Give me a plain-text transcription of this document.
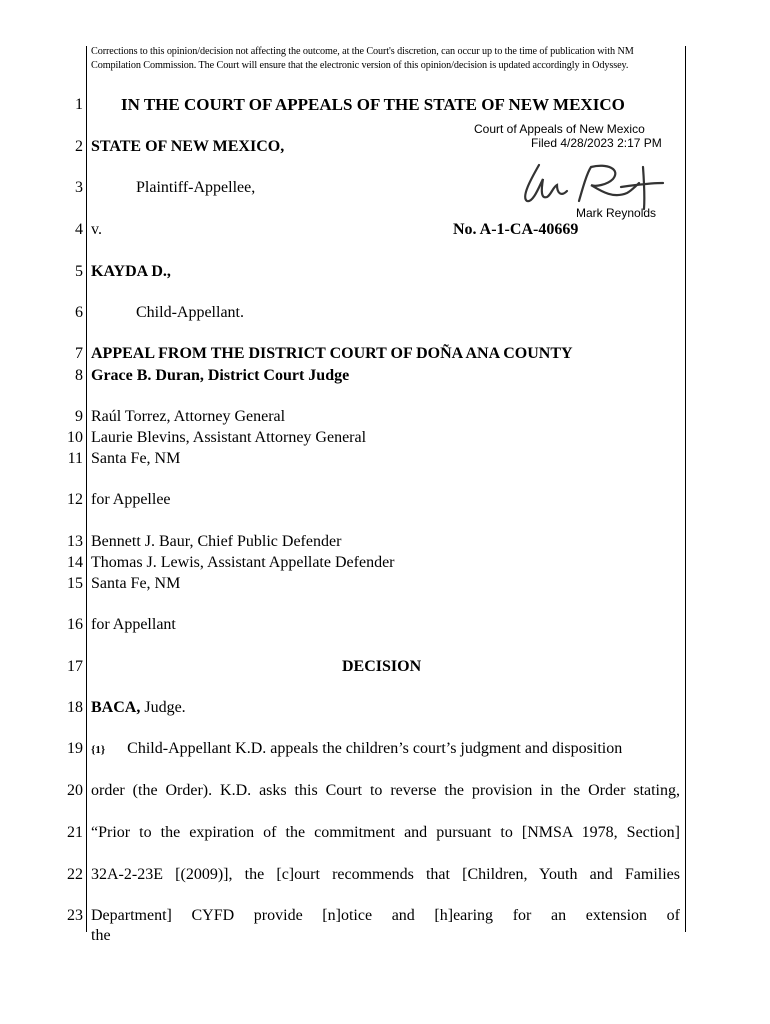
Corrections to this opinion/decision not affecting the outcome, at the Court's discretion, can occur up to the time of publication with NM Compilation Commission. The Court will ensure that the electronic version of this opinion/decision is updated accordingly in Odyssey.
1
2
3
4
5
6
7
8
9
10
11
12
13
14
15
16
17
18
19
20
21
22
23
IN THE COURT OF APPEALS OF THE STATE OF NEW MEXICO
Court of Appeals of New Mexico
Filed 4/28/2023 2:17 PM
Mark Reynolds
STATE OF NEW MEXICO,
Plaintiff-Appellee,
v.	No. A-1-CA-40669
KAYDA D.,
Child-Appellant.
APPEAL FROM THE DISTRICT COURT OF DOÑA ANA COUNTY
Grace B. Duran, District Court Judge
Raúl Torrez, Attorney General
Laurie Blevins, Assistant Attorney General
Santa Fe, NM
for Appellee
Bennett J. Baur, Chief Public Defender
Thomas J. Lewis, Assistant Appellate Defender
Santa Fe, NM
for Appellant
DECISION
BACA, Judge.
{1} Child-Appellant K.D. appeals the children’s court’s judgment and disposition
order (the Order). K.D. asks this Court to reverse the provision in the Order stating,
“Prior to the expiration of the commitment and pursuant to [NMSA 1978, Section]
32A-2-23E [(2009)], the [c]ourt recommends that [Children, Youth and Families
Department] CYFD provide [n]otice and [h]earing for an extension of the
